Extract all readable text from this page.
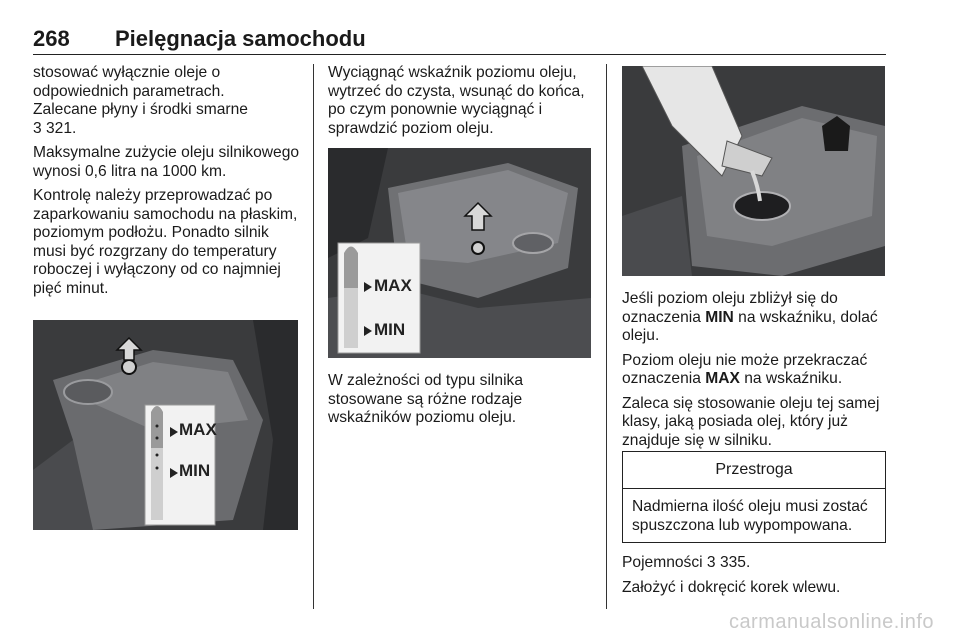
268 Pielęgnacja samochodu

stosować wyłącznie oleje o odpowiednich parametrach.
Zalecane płyny i środki smarne
3 321.

Maksymalne zużycie oleju silnikowego wynosi 0,6 litra na 1000 km.

Kontrolę należy przeprowadzać po zaparkowaniu samochodu na płaskim, poziomym podłożu. Ponadto silnik musi być rozgrzany do temperatury roboczej i wyłączony od co najmniej pięć minut.

MAX
MIN

Wyciągnąć wskaźnik poziomu oleju, wytrzeć do czysta, wsunąć do końca, po czym ponownie wyciągnąć i sprawdzić poziom oleju.

MAX
MIN

W zależności od typu silnika stosowane są różne rodzaje wskaźników poziomu oleju.

Jeśli poziom oleju zbliżył się do oznaczenia MIN na wskaźniku, dolać oleju.

Poziom oleju nie może przekraczać oznaczenia MAX na wskaźniku.

Zaleca się stosowanie oleju tej samej klasy, jaką posiada olej, który już znajduje się w silniku.

Przestroga
Nadmierna ilość oleju musi zostać spuszczona lub wypompowana.

Pojemności 3 335.

Założyć i dokręcić korek wlewu.

carmanualsonline.info
